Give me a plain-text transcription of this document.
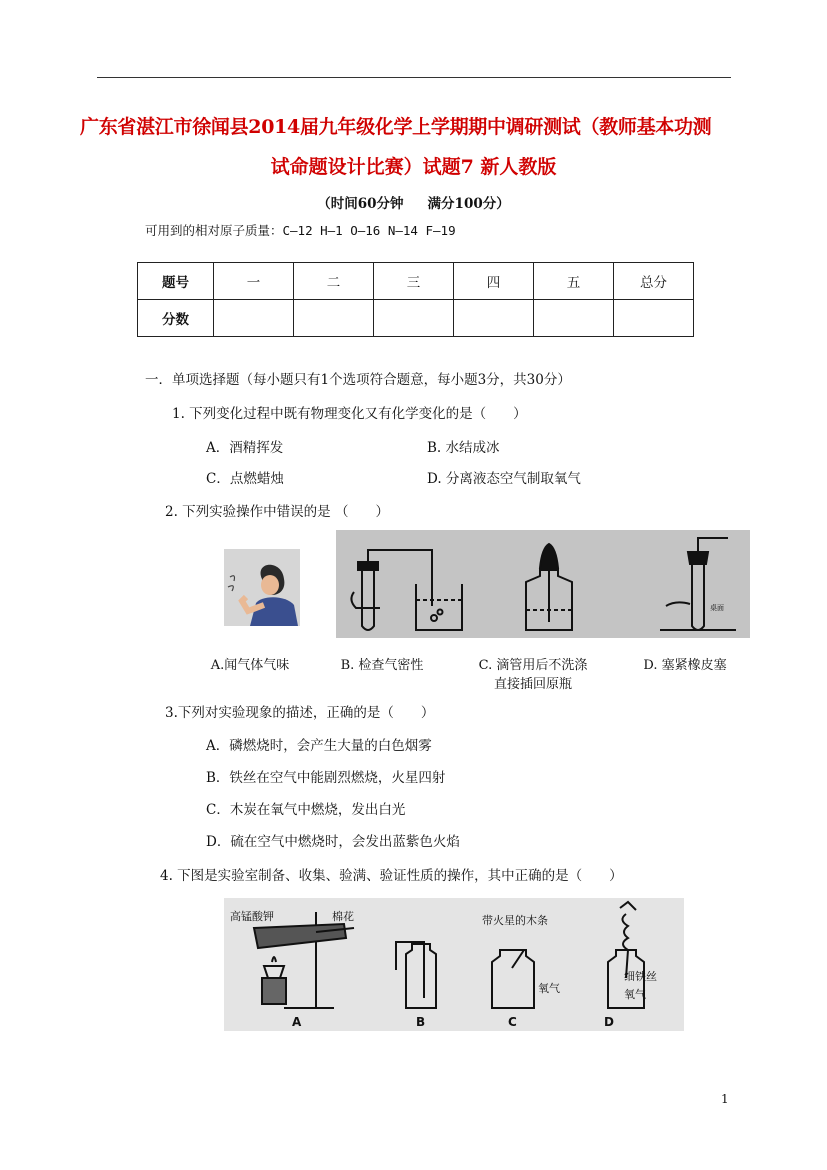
广东省湛江市徐闻县2014届九年级化学上学期期中调研测试（教师基本功测
试命题设计比赛）试题7 新人教版
（时间60分钟 满分100分）
可用到的相对原子质量：C—12 H—1 O—16 N—14 F—19
题号	一	二	三	四	五	总分
分数						
一．单项选择题（每小题只有1个选项符合题意，每小题3分，共30分）
1. 下列变化过程中既有物理变化又有化学变化的是（　　）
A．酒精挥发	B. 水结成冰
C．点燃蜡烛	D. 分离液态空气制取氧气
2. 下列实验操作中错误的是 （　　）
桌面
A.闻气体气味	B. 检查气密性	C. 滴管用后不洗涤
直接插回原瓶
D. 塞紧橡皮塞
3.下列对实验现象的描述，正确的是（　　）
A．磷燃烧时，会产生大量的白色烟雾
B．铁丝在空气中能剧烈燃烧，火星四射
C．木炭在氧气中燃烧，发出白光
D．硫在空气中燃烧时，会发出蓝紫色火焰
4. 下图是实验室制备、收集、验满、验证性质的操作，其中正确的是（　　）
高锰酸钾	棉花	带火星的木条
氧气
细铁丝
氧气
A	B	C	D
1
